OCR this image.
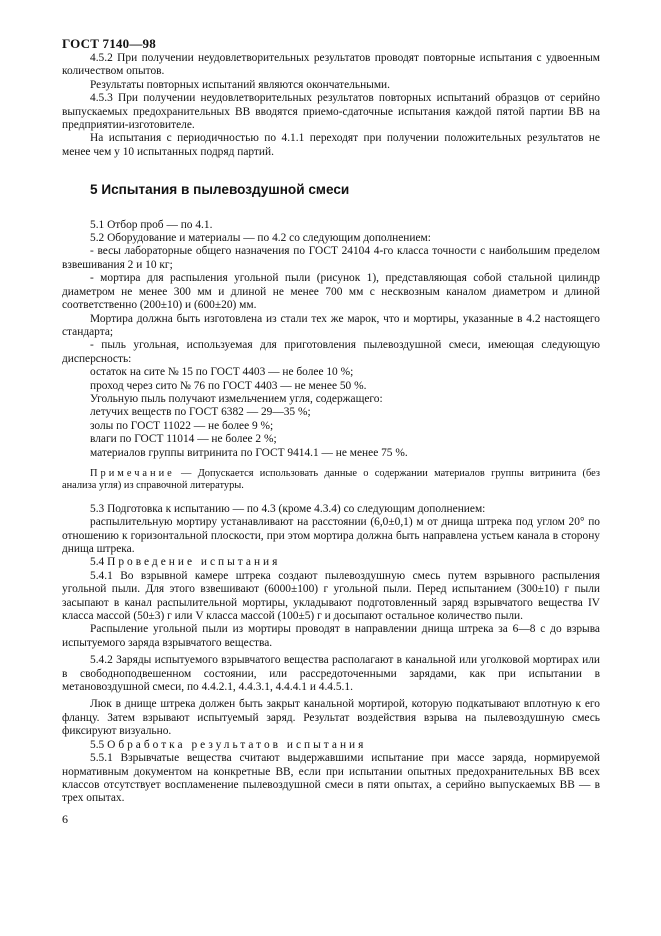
ГОСТ 7140—98

4.5.2 При получении неудовлетворительных результатов проводят повторные испытания с удвоенным количеством опытов.

Результаты повторных испытаний являются окончательными.

4.5.3 При получении неудовлетворительных результатов повторных испытаний образцов от серийно выпускаемых предохранительных ВВ вводятся приемо-сдаточные испытания каждой пятой партии ВВ на предприятии-изготовителе.

На испытания с периодичностью по 4.1.1 переходят при получении положительных результатов не менее чем у 10 испытанных подряд партий.

5 Испытания в пылевоздушной смеси

5.1 Отбор проб — по 4.1.

5.2 Оборудование и материалы — по 4.2 со следующим дополнением:

- весы лабораторные общего назначения по ГОСТ 24104 4-го класса точности с наибольшим пределом взвешивания 2 и 10 кг;

- мортира для распыления угольной пыли (рисунок 1), представляющая собой стальной цилиндр диаметром не менее 300 мм и длиной не менее 700 мм с несквозным каналом диаметром и длиной соответственно (200±10) и (600±20) мм.

Мортира должна быть изготовлена из стали тех же марок, что и мортиры, указанные в 4.2 настоящего стандарта;

- пыль угольная, используемая для приготовления пылевоздушной смеси, имеющая следующую дисперсность:

остаток на сите № 15 по ГОСТ 4403 — не более 10 %;

проход через сито № 76 по ГОСТ 4403 — не менее 50 %.

Угольную пыль получают измельчением угля, содержащего:

летучих веществ по ГОСТ 6382 — 29—35 %;

золы по ГОСТ 11022 — не более 9 %;

влаги по ГОСТ 11014 — не более 2 %;

материалов группы витринита по ГОСТ 9414.1 — не менее 75 %.

Примечание — Допускается использовать данные о содержании материалов группы витринита (без анализа угля) из справочной литературы.

5.3 Подготовка к испытанию — по 4.3 (кроме 4.3.4) со следующим дополнением:

распылительную мортиру устанавливают на расстоянии (6,0±0,1) м от днища штрека под углом 20° по отношению к горизонтальной плоскости, при этом мортира должна быть направлена устьем канала в сторону днища штрека.

5.4 Проведение испытания

5.4.1 Во взрывной камере штрека создают пылевоздушную смесь путем взрывного распыления угольной пыли. Для этого взвешивают (6000±100) г угольной пыли. Перед испытанием (300±10) г пыли засыпают в канал распылительной мортиры, укладывают подготовленный заряд взрывчатого вещества IV класса массой (50±3) г или V класса массой (100±5) г и досыпают остальное количество пыли.

Распыление угольной пыли из мортиры проводят в направлении днища штрека за 6—8 с до взрыва испытуемого заряда взрывчатого вещества.

5.4.2 Заряды испытуемого взрывчатого вещества располагают в канальной или уголковой мортирах или в свободноподвешенном состоянии, или рассредоточенными зарядами, как при испытании в метановоздушной смеси, по 4.4.2.1, 4.4.3.1, 4.4.4.1 и 4.4.5.1.

Люк в днище штрека должен быть закрыт канальной мортирой, которую подкатывают вплотную к его фланцу. Затем взрывают испытуемый заряд. Результат воздействия взрыва на пылевоздушную смесь фиксируют визуально.

5.5 Обработка результатов испытания

5.5.1 Взрывчатые вещества считают выдержавшими испытание при массе заряда, нормируемой нормативным документом на конкретные ВВ, если при испытании опытных предохранительных ВВ всех классов отсутствует воспламенение пылевоздушной смеси в пяти опытах, а серийно выпускаемых ВВ — в трех опытах.

6
